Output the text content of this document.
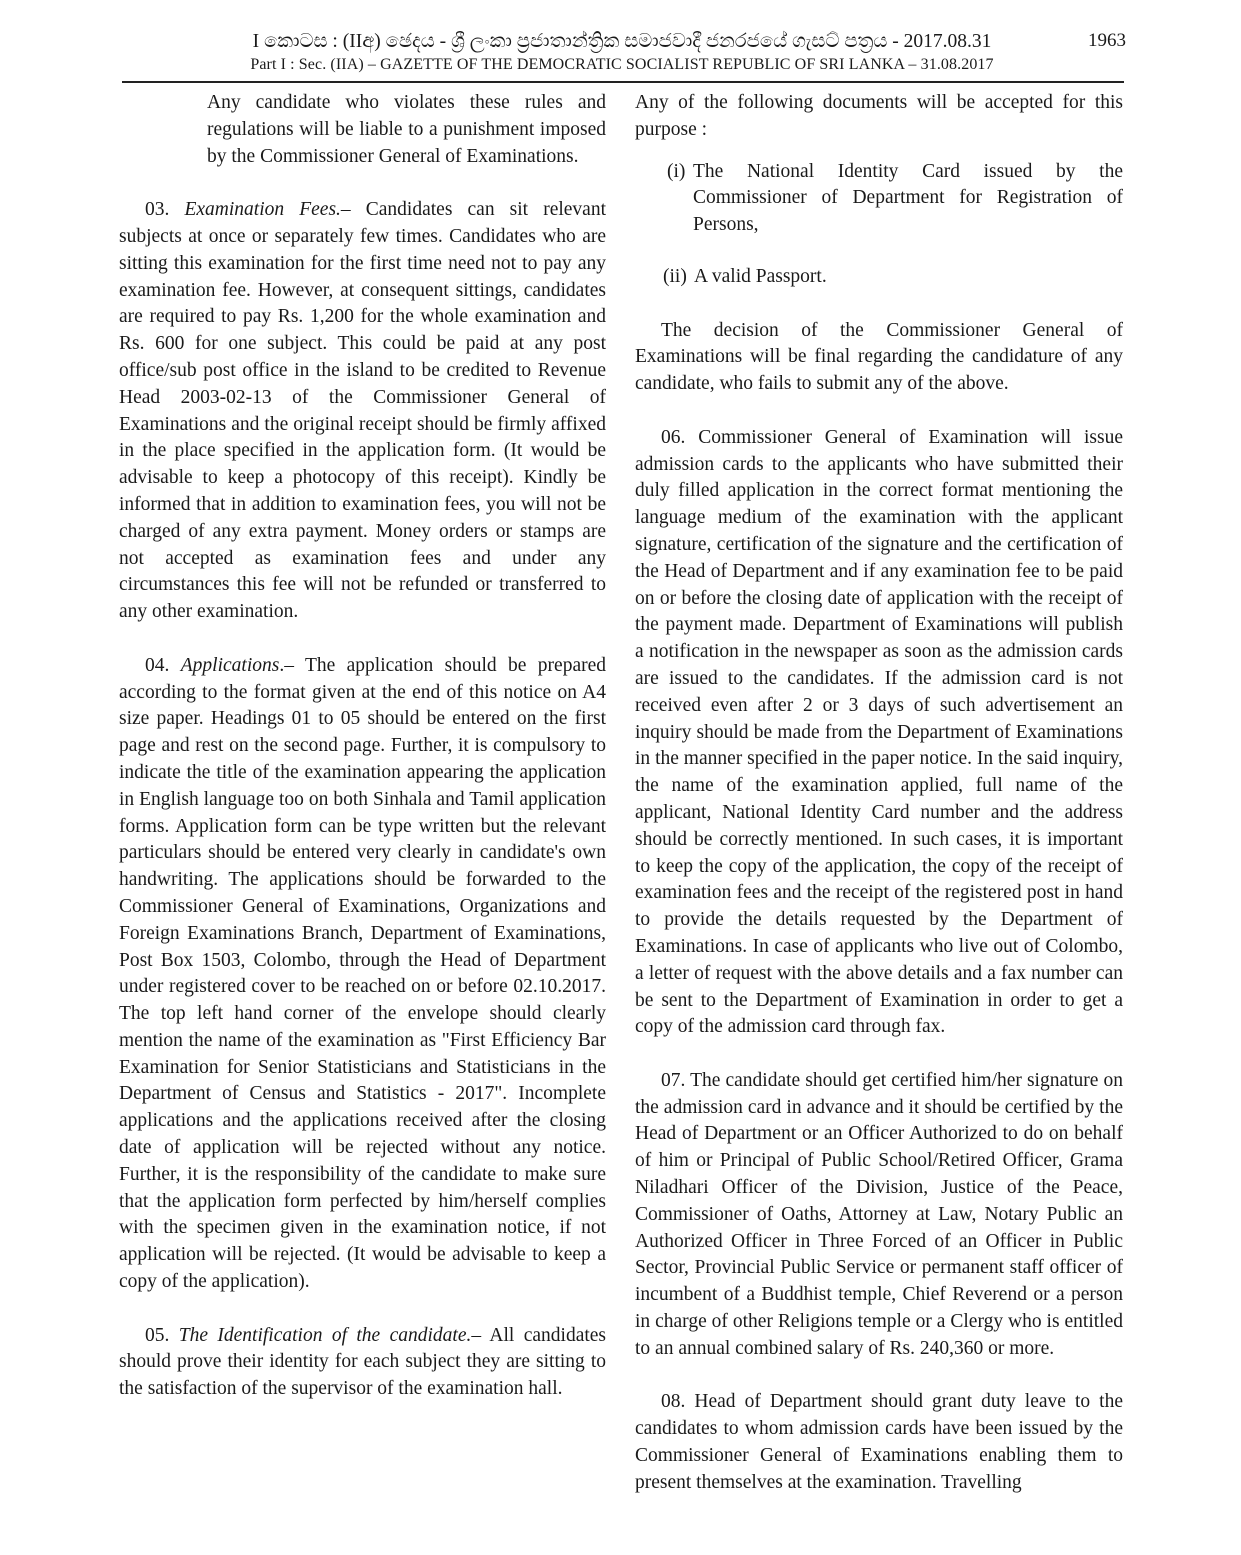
I කොටස : (IIඅ) ඡෙදය - ශ්‍රී ලංකා ප්‍රජාතාන්ත්‍රික සමාජවාදී ජනරජයේ ගැසට් පත්‍රය - 2017.08.31
Part I : Sec. (IIA) – GAZETTE OF THE DEMOCRATIC SOCIALIST REPUBLIC OF SRI LANKA – 31.08.2017
1963

Any candidate who violates these rules and regulations will be liable to a punishment imposed by the Commissioner General of Examinations.

03. Examination Fees.– Candidates can sit relevant subjects at once or separately few times. Candidates who are sitting this examination for the first time need not to pay any examination fee. However, at consequent sittings, candidates are required to pay Rs. 1,200 for the whole examination and Rs. 600 for one subject. This could be paid at any post office/sub post office in the island to be credited to Revenue Head 2003-02-13 of the Commissioner General of Examinations and the original receipt should be firmly affixed in the place specified in the application form. (It would be advisable to keep a photocopy of this receipt). Kindly be informed that in addition to examination fees, you will not be charged of any extra payment. Money orders or stamps are not accepted as examination fees and under any circumstances this fee will not be refunded or transferred to any other examination.

04. Applications.– The application should be prepared according to the format given at the end of this notice on A4 size paper. Headings 01 to 05 should be entered on the first page and rest on the second page. Further, it is compulsory to indicate the title of the examination appearing the application in English language too on both Sinhala and Tamil application forms. Application form can be type written but the relevant particulars should be entered very clearly in candidate's own handwriting. The applications should be forwarded to the Commissioner General of Examinations, Organizations and Foreign Examinations Branch, Department of Examinations, Post Box 1503, Colombo, through the Head of Department under registered cover to be reached on or before 02.10.2017. The top left hand corner of the envelope should clearly mention the name of the examination as "First Efficiency Bar Examination for Senior Statisticians and Statisticians in the Department of Census and Statistics - 2017". Incomplete applications and the applications received after the closing date of application will be rejected without any notice. Further, it is the responsibility of the candidate to make sure that the application form perfected by him/herself complies with the specimen given in the examination notice, if not application will be rejected. (It would be advisable to keep a copy of the application).

05. The Identification of the candidate.– All candidates should prove their identity for each subject they are sitting to the satisfaction of the supervisor of the examination hall.

Any of the following documents will be accepted for this purpose :

(i) The National Identity Card issued by the Commissioner of Department for Registration of Persons,
(ii) A valid Passport.

The decision of the Commissioner General of Examinations will be final regarding the candidature of any candidate, who fails to submit any of the above.

06. Commissioner General of Examination will issue admission cards to the applicants who have submitted their duly filled application in the correct format mentioning the language medium of the examination with the applicant signature, certification of the signature and the certification of the Head of Department and if any examination fee to be paid on or before the closing date of application with the receipt of the payment made. Department of Examinations will publish a notification in the newspaper as soon as the admission cards are issued to the candidates. If the admission card is not received even after 2 or 3 days of such advertisement an inquiry should be made from the Department of Examinations in the manner specified in the paper notice. In the said inquiry, the name of the examination applied, full name of the applicant, National Identity Card number and the address should be correctly mentioned. In such cases, it is important to keep the copy of the application, the copy of the receipt of examination fees and the receipt of the registered post in hand to provide the details requested by the Department of Examinations. In case of applicants who live out of Colombo, a letter of request with the above details and a fax number can be sent to the Department of Examination in order to get a copy of the admission card through fax.

07. The candidate should get certified him/her signature on the admission card in advance and it should be certified by the Head of Department or an Officer Authorized to do on behalf of him or Principal of Public School/Retired Officer, Grama Niladhari Officer of the Division, Justice of the Peace, Commissioner of Oaths, Attorney at Law, Notary Public an Authorized Officer in Three Forced of an Officer in Public Sector, Provincial Public Service or permanent staff officer of incumbent of a Buddhist temple, Chief Reverend or a person in charge of other Religions temple or a Clergy who is entitled to an annual combined salary of Rs. 240,360 or more.

08. Head of Department should grant duty leave to the candidates to whom admission cards have been issued by the Commissioner General of Examinations enabling them to present themselves at the examination. Travelling
